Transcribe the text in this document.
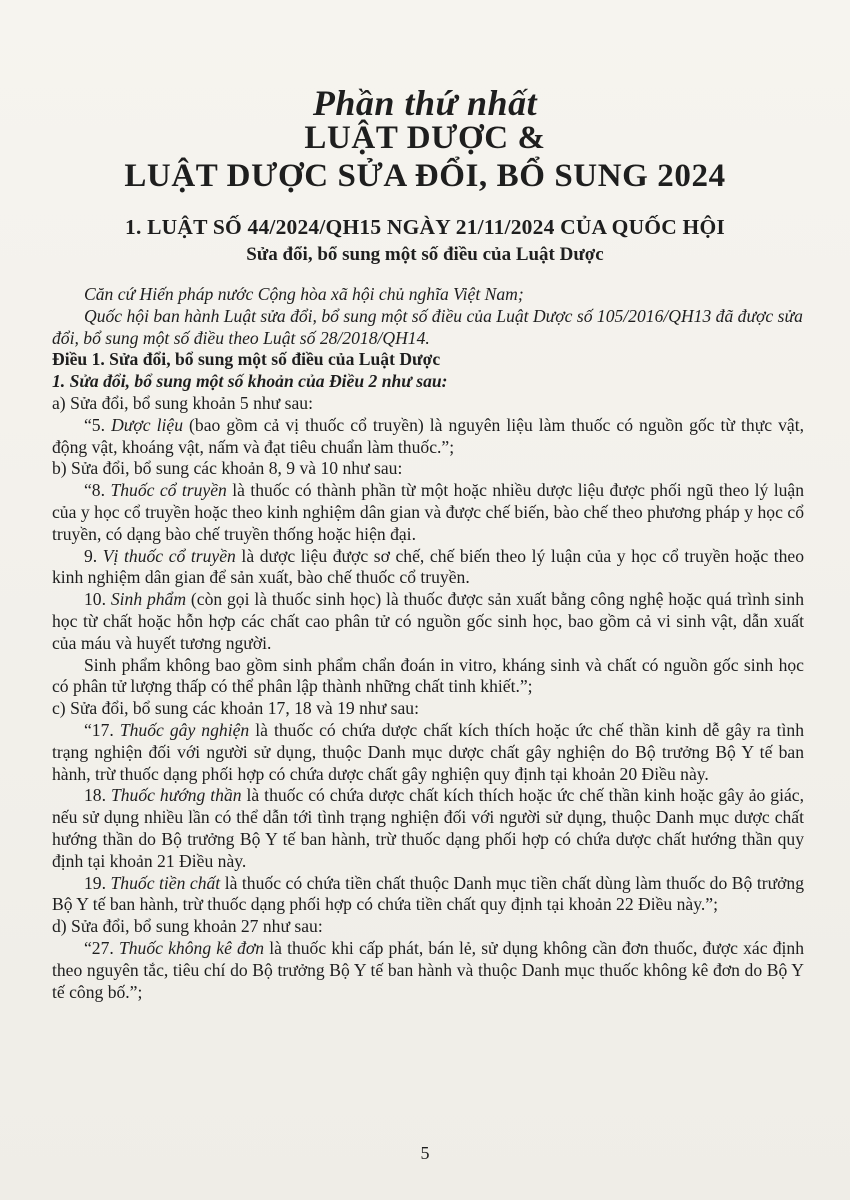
Phần thứ nhất
LUẬT DƯỢC &
LUẬT DƯỢC SỬA ĐỔI, BỔ SUNG 2024
1. LUẬT SỐ 44/2024/QH15 NGÀY 21/11/2024 CỦA QUỐC HỘI
Sửa đổi, bổ sung một số điều của Luật Dược

Căn cứ Hiến pháp nước Cộng hòa xã hội chủ nghĩa Việt Nam;

Quốc hội ban hành Luật sửa đổi, bổ sung một số điều của Luật Dược số 105/2016/QH13 đã được sửa đổi, bổ sung một số điều theo Luật số 28/2018/QH14.

Điều 1. Sửa đổi, bổ sung một số điều của Luật Dược

1. Sửa đổi, bổ sung một số khoản của Điều 2 như sau:

a) Sửa đổi, bổ sung khoản 5 như sau:

“5. Dược liệu (bao gồm cả vị thuốc cổ truyền) là nguyên liệu làm thuốc có nguồn gốc từ thực vật, động vật, khoáng vật, nấm và đạt tiêu chuẩn làm thuốc.”;

b) Sửa đổi, bổ sung các khoản 8, 9 và 10 như sau:

“8. Thuốc cổ truyền là thuốc có thành phần từ một hoặc nhiều dược liệu được phối ngũ theo lý luận của y học cổ truyền hoặc theo kinh nghiệm dân gian và được chế biến, bào chế theo phương pháp y học cổ truyền, có dạng bào chế truyền thống hoặc hiện đại.

9. Vị thuốc cổ truyền là dược liệu được sơ chế, chế biến theo lý luận của y học cổ truyền hoặc theo kinh nghiệm dân gian để sản xuất, bào chế thuốc cổ truyền.

10. Sinh phẩm (còn gọi là thuốc sinh học) là thuốc được sản xuất bằng công nghệ hoặc quá trình sinh học từ chất hoặc hỗn hợp các chất cao phân tử có nguồn gốc sinh học, bao gồm cả vi sinh vật, dẫn xuất của máu và huyết tương người.

Sinh phẩm không bao gồm sinh phẩm chẩn đoán in vitro, kháng sinh và chất có nguồn gốc sinh học có phân tử lượng thấp có thể phân lập thành những chất tinh khiết.”;

c) Sửa đổi, bổ sung các khoản 17, 18 và 19 như sau:

“17. Thuốc gây nghiện là thuốc có chứa dược chất kích thích hoặc ức chế thần kinh dễ gây ra tình trạng nghiện đối với người sử dụng, thuộc Danh mục dược chất gây nghiện do Bộ trưởng Bộ Y tế ban hành, trừ thuốc dạng phối hợp có chứa dược chất gây nghiện quy định tại khoản 20 Điều này.

18. Thuốc hướng thần là thuốc có chứa dược chất kích thích hoặc ức chế thần kinh hoặc gây ảo giác, nếu sử dụng nhiều lần có thể dẫn tới tình trạng nghiện đối với người sử dụng, thuộc Danh mục dược chất hướng thần do Bộ trưởng Bộ Y tế ban hành, trừ thuốc dạng phối hợp có chứa dược chất hướng thần quy định tại khoản 21 Điều này.

19. Thuốc tiền chất là thuốc có chứa tiền chất thuộc Danh mục tiền chất dùng làm thuốc do Bộ trưởng Bộ Y tế ban hành, trừ thuốc dạng phối hợp có chứa tiền chất quy định tại khoản 22 Điều này.”;

d) Sửa đổi, bổ sung khoản 27 như sau:

“27. Thuốc không kê đơn là thuốc khi cấp phát, bán lẻ, sử dụng không cần đơn thuốc, được xác định theo nguyên tắc, tiêu chí do Bộ trưởng Bộ Y tế ban hành và thuộc Danh mục thuốc không kê đơn do Bộ Y tế công bố.”;

5
